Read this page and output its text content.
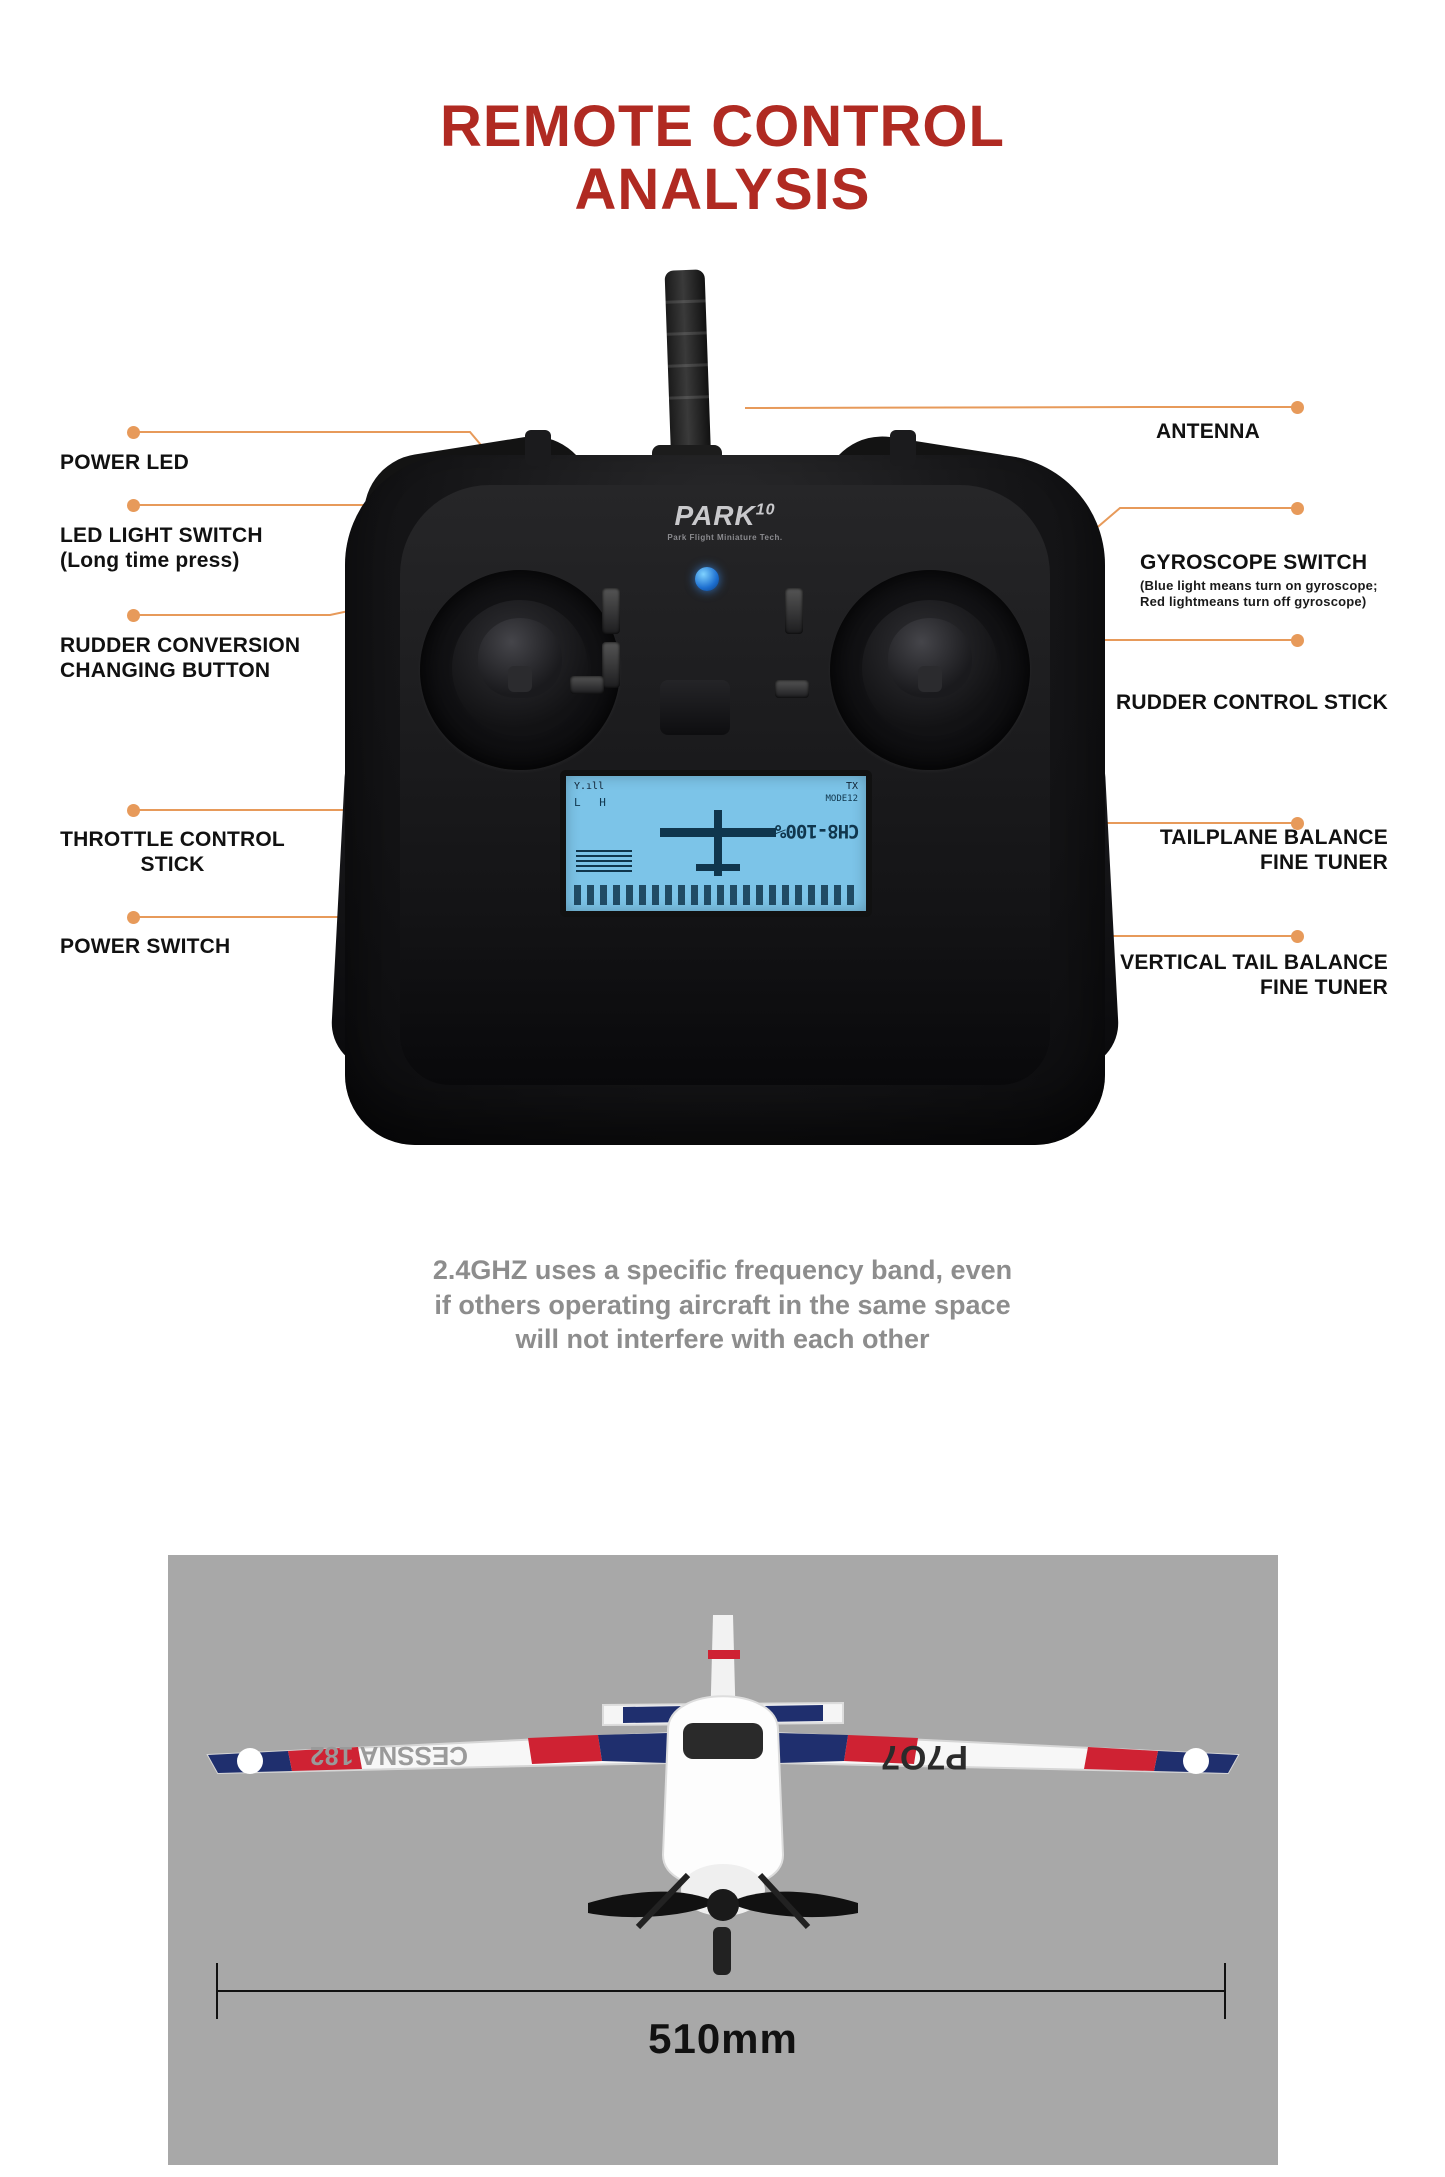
REMOTE CONTROL
ANALYSIS
POWER LED
LED LIGHT SWITCH
(Long time press)
RUDDER CONVERSION
CHANGING BUTTON
THROTTLE CONTROL
STICK
POWER SWITCH
ANTENNA
GYROSCOPE SWITCH
(Blue light means turn on gyroscope;
Red lightmeans turn off gyroscope)
RUDDER CONTROL STICK
TAILPLANE BALANCE
FINE TUNER
VERTICAL TAIL BALANCE
FINE TUNER
PARK$^{10}$
Park Flight Miniature Tech.
Y.ıll	TX
L H	MODE12
CH8-100%
2.4GHZ uses a specific frequency band, even
if others operating aircraft in the same space
will not interfere with each other
CESSNA 182	P7O7
510mm
